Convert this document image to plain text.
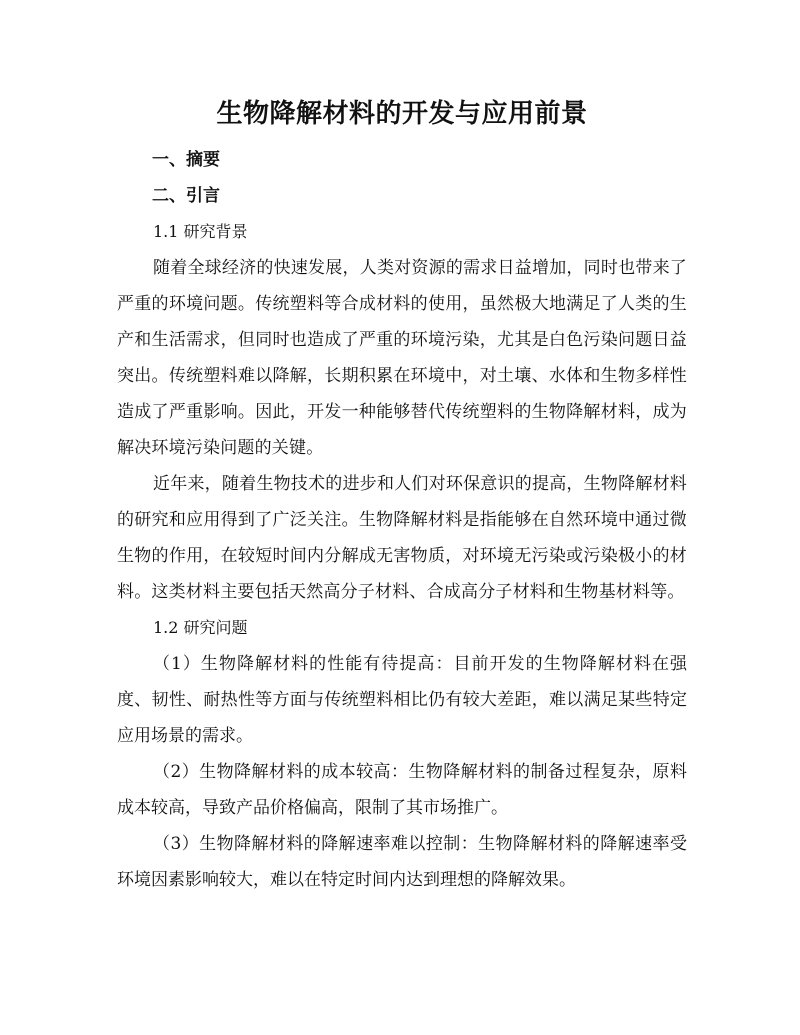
生物降解材料的开发与应用前景
一、摘要
二、引言
1.1 研究背景

随着全球经济的快速发展，人类对资源的需求日益增加，同时也带来了严重的环境问题。传统塑料等合成材料的使用，虽然极大地满足了人类的生产和生活需求，但同时也造成了严重的环境污染，尤其是白色污染问题日益突出。传统塑料难以降解，长期积累在环境中，对土壤、水体和生物多样性造成了严重影响。因此，开发一种能够替代传统塑料的生物降解材料，成为解决环境污染问题的关键。

近年来，随着生物技术的进步和人们对环保意识的提高，生物降解材料的研究和应用得到了广泛关注。生物降解材料是指能够在自然环境中通过微生物的作用，在较短时间内分解成无害物质，对环境无污染或污染极小的材料。这类材料主要包括天然高分子材料、合成高分子材料和生物基材料等。

1.2 研究问题

（1）生物降解材料的性能有待提高：目前开发的生物降解材料在强度、韧性、耐热性等方面与传统塑料相比仍有较大差距，难以满足某些特定应用场景的需求。

（2）生物降解材料的成本较高：生物降解材料的制备过程复杂，原料成本较高，导致产品价格偏高，限制了其市场推广。

（3）生物降解材料的降解速率难以控制：生物降解材料的降解速率受环境因素影响较大，难以在特定时间内达到理想的降解效果。
